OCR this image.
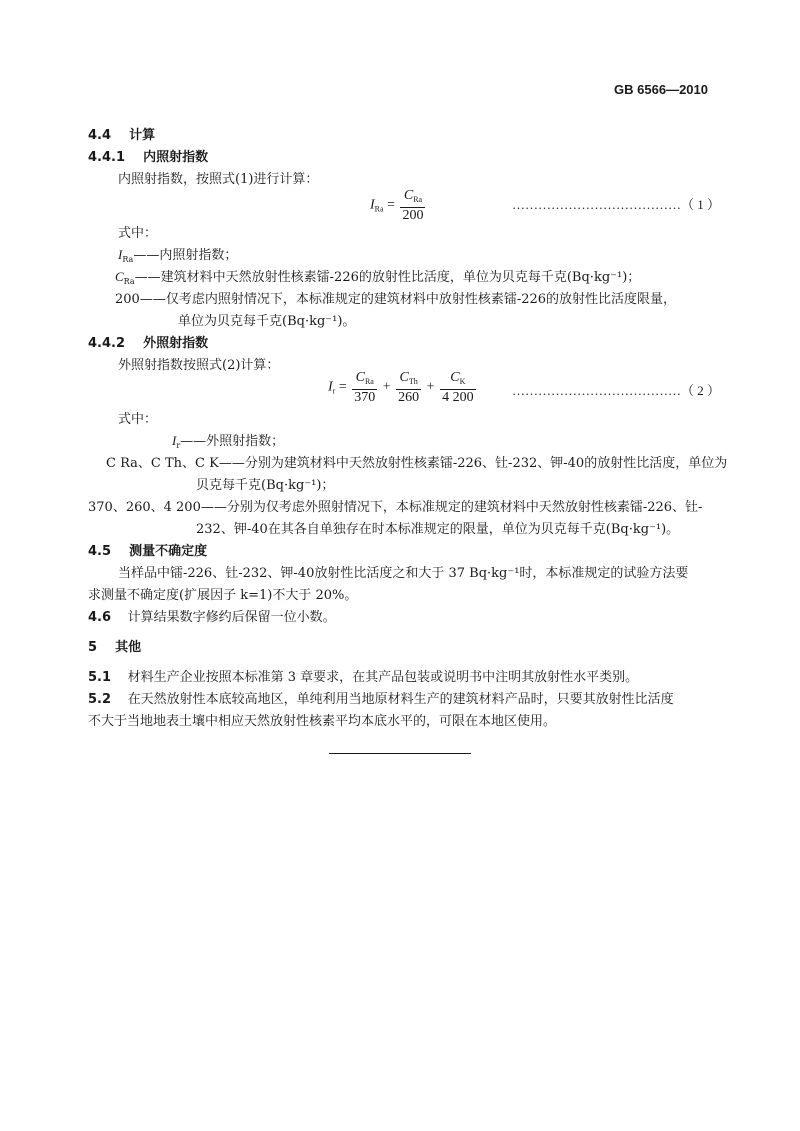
GB 6566—2010
4.4 计算
4.4.1 内照射指数
内照射指数，按照式(1)进行计算：
$I_{Ra} = \frac{C_{Ra}}{200}$	…………………………………（ 1 ）
式中：
$I_{Ra}——$内照射指数；
$C_{Ra}——$建筑材料中天然放射性核素镭-226的放射性比活度，单位为贝克每千克(Bq·kg⁻¹)；
200——仅考虑内照射情况下，本标准规定的建筑材料中放射性核素镭-226的放射性比活度限量，
单位为贝克每千克(Bq·kg⁻¹)。
4.4.2 外照射指数
外照射指数按照式(2)计算：
$I_r = \frac{C_{Ra}}{370} + \frac{C_{Th}}{260} + \frac{C_K}{4 200}$	…………………………………（ 2 ）
式中：
$I_r——$外照射指数；
C Ra、C Th、C K——分别为建筑材料中天然放射性核素镭-226、钍-232、钾-40的放射性比活度，单位为
贝克每千克(Bq·kg⁻¹)；
370、260、4 200——分别为仅考虑外照射情况下，本标准规定的建筑材料中天然放射性核素镭-226、钍-
232、钾-40在其各自单独存在时本标准规定的限量，单位为贝克每千克(Bq·kg⁻¹)。
4.5 测量不确定度
当样品中镭-226、钍-232、钾-40放射性比活度之和大于 37 Bq·kg⁻¹时，本标准规定的试验方法要
求测量不确定度(扩展因子 k=1)不大于 20%。
4.6 计算结果数字修约后保留一位小数。
5 其他
5.1 材料生产企业按照本标准第 3 章要求，在其产品包装或说明书中注明其放射性水平类别。
5.2 在天然放射性本底较高地区，单纯利用当地原材料生产的建筑材料产品时，只要其放射性比活度
不大于当地地表土壤中相应天然放射性核素平均本底水平的，可限在本地区使用。
